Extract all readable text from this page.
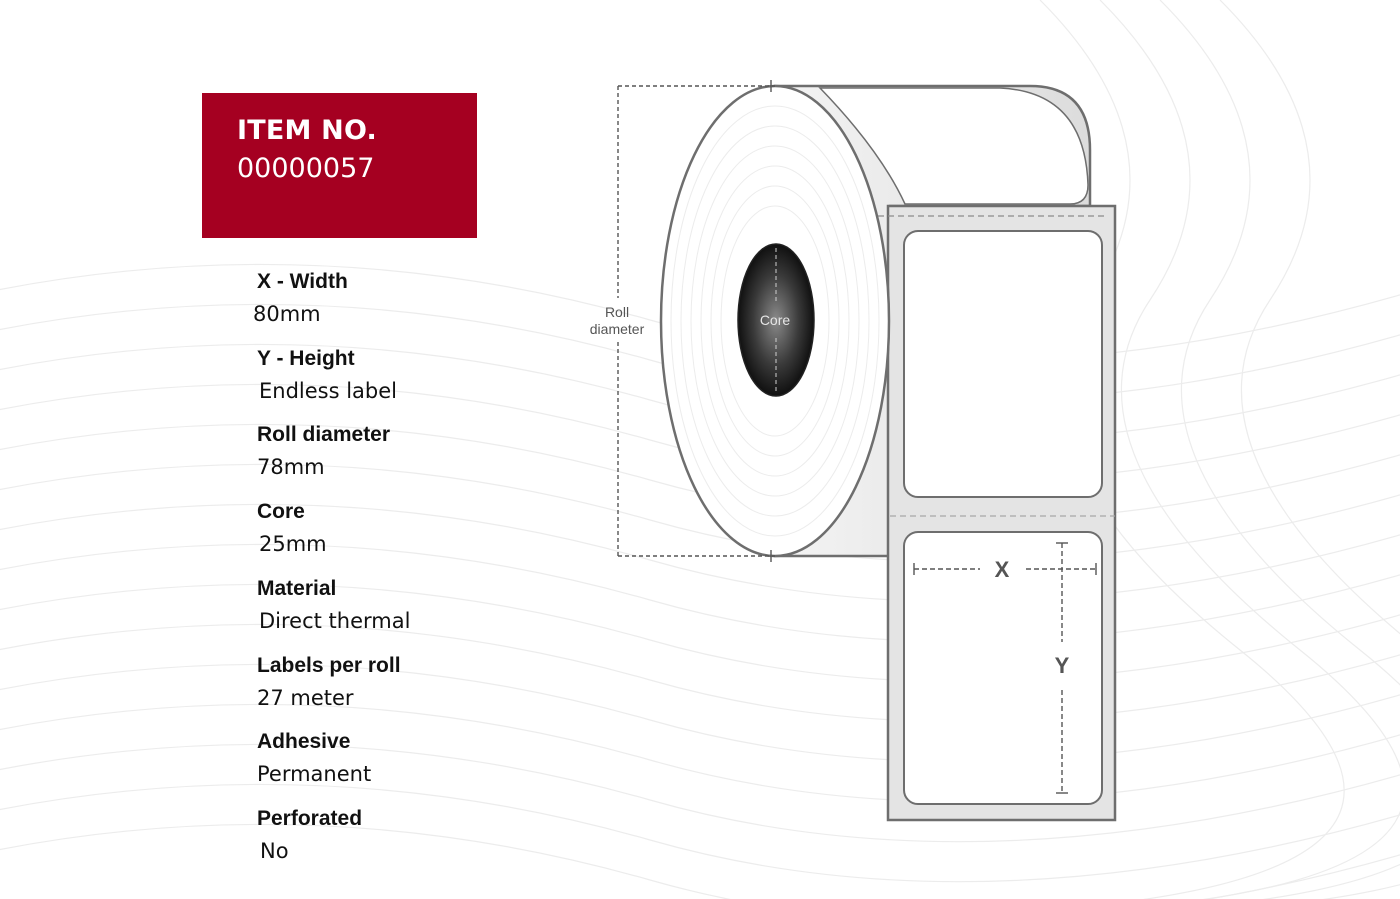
ITEM NO.
00000057
X - Width
80mm
Y - Height
Endless label
Roll diameter
78mm
Core
25mm
Material
Direct thermal
Labels per roll
27 meter
Adhesive
Permanent
Perforated
No
Core
Roll
diameter
X
Y
